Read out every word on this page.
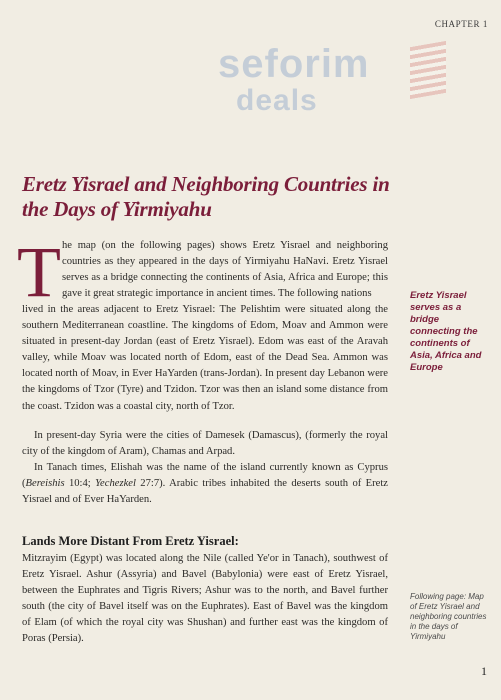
CHAPTER 1
seforim
deals
Eretz Yisrael and Neighboring Countries in the Days of Yirmiyahu
T he map (on the following pages) shows Eretz Yisrael and neighboring countries as they appeared in the days of Yirmiyahu HaNavi. Eretz Yisrael serves as a bridge connecting the continents of Asia, Africa and Europe; this gave it great strategic importance in ancient times. The following nations

lived in the areas adjacent to Eretz Yisrael: The Pelishtim were situated along the southern Mediterranean coastline. The kingdoms of Edom, Moav and Ammon were situated in present-day Jordan (east of Eretz Yisrael). Edom was east of the Aravah valley, while Moav was located north of Edom, east of the Dead Sea. Ammon was located north of Moav, in Ever HaYarden (trans-Jordan). In present day Lebanon were the kingdoms of Tzor (Tyre) and Tzidon. Tzor was then an island some distance from the coast. Tzidon was a coastal city, north of Tzor.

In present-day Syria were the cities of Damesek (Damascus), (formerly the royal city of the kingdom of Aram), Chamas and Arpad.

In Tanach times, Elishah was the name of the island currently known as Cyprus (Bereishis 10:4; Yechezkel 27:7). Arabic tribes inhabited the deserts south of Eretz Yisrael and of Ever HaYarden.

Lands More Distant From Eretz Yisrael:

Mitzrayim (Egypt) was located along the Nile (called Ye'or in Tanach), southwest of Eretz Yisrael. Ashur (Assyria) and Bavel (Babylonia) were east of Eretz Yisrael, between the Euphrates and Tigris Rivers; Ashur was to the north, and Bavel further south (the city of Bavel itself was on the Euphrates). East of Bavel was the kingdom of Elam (of which the royal city was Shushan) and further east was the kingdom of Poras (Persia).

Eretz Yisrael serves as a bridge connecting the continents of Asia, Africa and Europe

Following page: Map of Eretz Yisrael and neighboring countries in the days of Yirmiyahu

1
